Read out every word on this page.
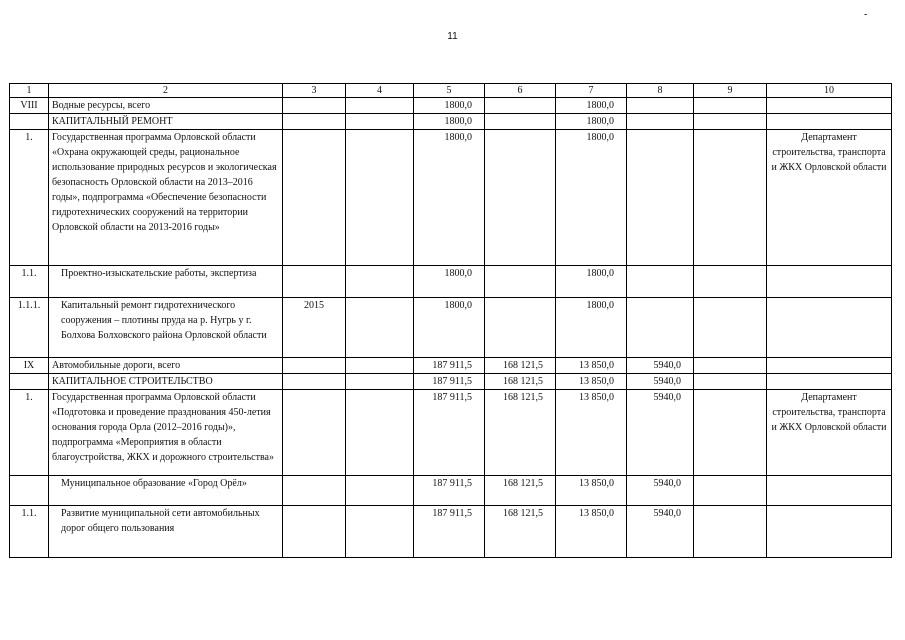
11
-
1	2	3	4	5	6	7	8	9	10
VIII	Водные ресурсы, всего			1800,0		1800,0			
	КАПИТАЛЬНЫЙ РЕМОНТ			1800,0		1800,0			
1.	Государственная программа Орловской области «Охрана окружающей среды, рациональное использование природных ресурсов и экологическая безопасность Орловской области на 2013–2016 годы», подпрограмма «Обеспечение безопасности гидротехнических сооружений на территории Орловской области на 2013-2016 годы»			1800,0		1800,0			Департамент строительства, транспорта и ЖКХ Орловской области
1.1.	Проектно-изыскательские работы, экспертиза			1800,0		1800,0			
1.1.1.	Капитальный ремонт гидротехнического сооружения – плотины пруда на р. Нугрь у г. Болхова Болховского района Орловской области	2015		1800,0		1800,0			
IX	Автомобильные дороги, всего			187 911,5	168 121,5	13 850,0	5940,0		
	КАПИТАЛЬНОЕ СТРОИТЕЛЬСТВО			187 911,5	168 121,5	13 850,0	5940,0		
1.	Государственная программа Орловской области «Подготовка и проведение празднования 450-летия основания города Орла (2012–2016 годы)», подпрограмма «Мероприятия в области благоустройства, ЖКХ и дорожного строительства»			187 911,5	168 121,5	13 850,0	5940,0		Департамент строительства, транспорта и ЖКХ Орловской области
	Муниципальное образование «Город Орёл»			187 911,5	168 121,5	13 850,0	5940,0		
1.1.	Развитие муниципальной сети автомобильных дорог общего пользования			187 911,5	168 121,5	13 850,0	5940,0		
